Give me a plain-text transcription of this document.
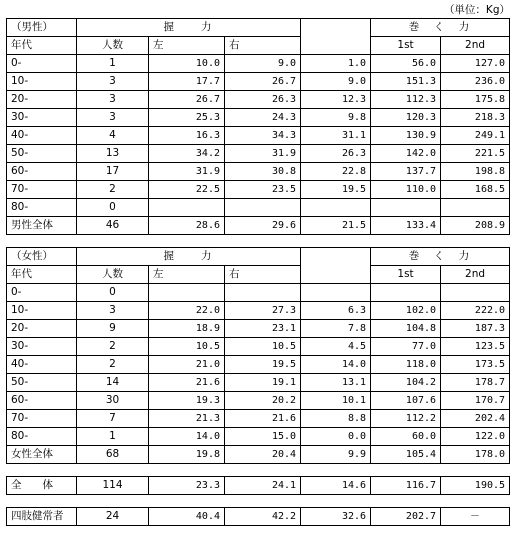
（単位：Kg）
（男性）	握　　力				巻　く　力	
年代	人数	左	右		1st	2nd
0-	1	10.0	9.0	1.0	56.0	127.0
10-	3	17.7	26.7	9.0	151.3	236.0
20-	3	26.7	26.3	12.3	112.3	175.8
30-	3	25.3	24.3	9.8	120.3	218.3
40-	4	16.3	34.3	31.1	130.9	249.1
50-	13	34.2	31.9	26.3	142.0	221.5
60-	17	31.9	30.8	22.8	137.7	198.8
70-	2	22.5	23.5	19.5	110.0	168.5
80-	0					
男性全体	46	28.6	29.6	21.5	133.4	208.9

（女性）	握　　力				巻　く　力	
年代	人数	左	右		1st	2nd
0-	0					
10-	3	22.0	27.3	6.3	102.0	222.0
20-	9	18.9	23.1	7.8	104.8	187.3
30-	2	10.5	10.5	4.5	77.0	123.5
40-	2	21.0	19.5	14.0	118.0	173.5
50-	14	21.6	19.1	13.1	104.2	178.7
60-	30	19.3	20.2	10.1	107.6	170.7
70-	7	21.3	21.6	8.8	112.2	202.4
80-	1	14.0	15.0	0.0	60.0	122.0
女性全体	68	19.8	20.4	9.9	105.4	178.0

全　　体	114	23.3	24.1	14.6	116.7	190.5

四肢健常者	24	40.4	42.2	32.6	202.7	－
